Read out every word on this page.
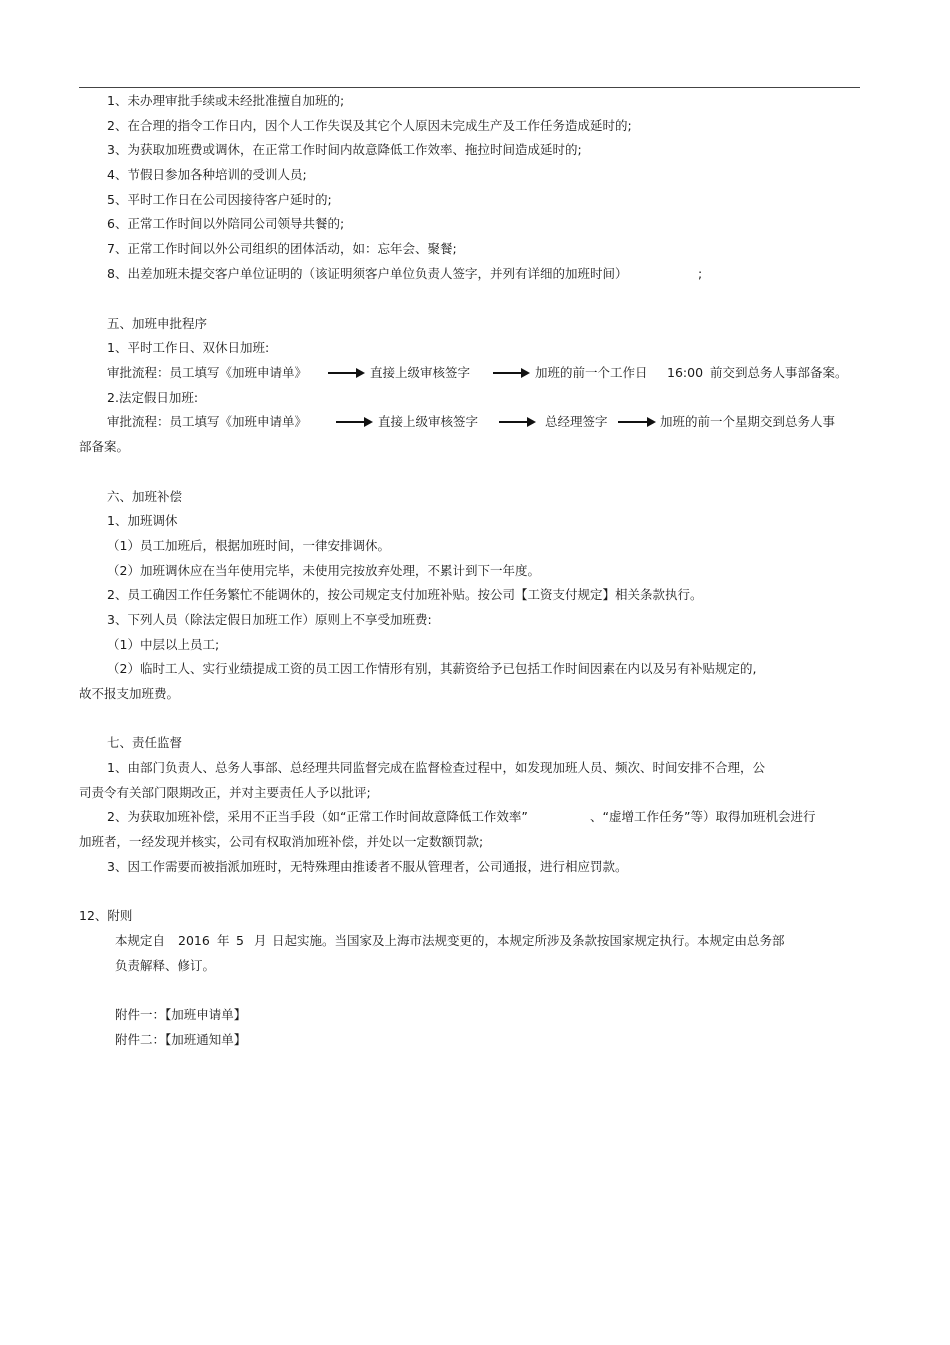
1、未办理审批手续或未经批准擅自加班的;
2、在合理的指令工作日内，因个人工作失误及其它个人原因未完成生产及工作任务造成延时的;
3、为获取加班费或调休，在正常工作时间内故意降低工作效率、拖拉时间造成延时的;
4、节假日参加各种培训的受训人员;
5、平时工作日在公司因接待客户延时的;
6、正常工作时间以外陪同公司领导共餐的;
7、正常工作时间以外公司组织的团体活动，如：忘年会、聚餐;
8、出差加班未提交客户单位证明的（该证明须客户单位负责人签字，并列有详细的加班时间）	;
五、加班申批程序
1、平时工作日、双休日加班:
审批流程：员工填写《加班申请单》	直接上级审核签字	加班的前一个工作日 16:00 前交到总务人事部备案。
2.法定假日加班:
审批流程：员工填写《加班申请单》	直接上级审核签字	总经理签字	加班的前一个星期交到总务人事
部备案。
六、加班补偿
1、加班调休
（1）员工加班后，根据加班时间，一律安排调休。
（2）加班调休应在当年使用完毕，未使用完按放弃处理，不累计到下一年度。
2、员工确因工作任务繁忙不能调休的，按公司规定支付加班补贴。按公司【工资支付规定】相关条款执行。
3、下列人员（除法定假日加班工作）原则上不享受加班费:
（1）中层以上员工;
（2）临时工人、实行业绩提成工资的员工因工作情形有别，其薪资给予已包括工作时间因素在内以及另有补贴规定的,
故不报支加班费。
七、责任监督
1、由部门负责人、总务人事部、总经理共同监督完成在监督检查过程中，如发现加班人员、频次、时间安排不合理，公
司责令有关部门限期改正，并对主要责任人予以批评;
2、为获取加班补偿，采用不正当手段（如“正常工作时间故意降低工作效率”	、“虚增工作任务”等）取得加班机会进行
加班者，一经发现并核实，公司有权取消加班补偿，并处以一定数额罚款;
3、因工作需要而被指派加班时，无特殊理由推诿者不服从管理者，公司通报，进行相应罚款。
12、附则
本规定自 2016 年 5 月 日起实施。当国家及上海市法规变更的，本规定所涉及条款按国家规定执行。本规定由总务部
负责解释、修订。
附件一：【加班申请单】
附件二：【加班通知单】
